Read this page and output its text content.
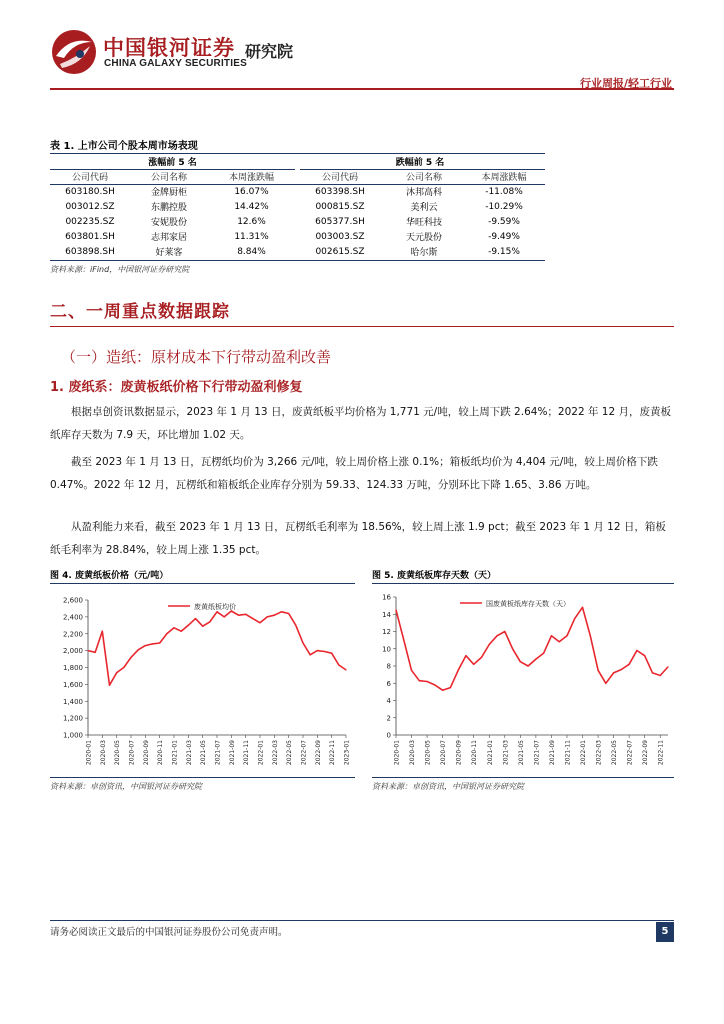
中国银河证券 研究院
CHINA GALAXY SECURITIES
行业周报/轻工行业
表 1. 上市公司个股本周市场表现
涨幅前 5 名			跌幅前 5 名		
公司代码	公司名称	本周涨跌幅	公司代码	公司名称	本周涨跌幅
603180.SH	金牌厨柜	16.07%	603398.SH	沐邦高科	-11.08%
003012.SZ	东鹏控股	14.42%	000815.SZ	美利云	-10.29%
002235.SZ	安妮股份	12.6%	605377.SH	华旺科技	-9.59%
603801.SH	志邦家居	11.31%	003003.SZ	天元股份	-9.49%
603898.SH	好莱客	8.84%	002615.SZ	哈尔斯	-9.15%
资料来源：iFind，中国银河证券研究院
二、一周重点数据跟踪
（一）造纸：原材成本下行带动盈利改善
1. 废纸系：废黄板纸价格下行带动盈利修复

根据卓创资讯数据显示，2023 年 1 月 13 日，废黄纸板平均价格为 1,771 元/吨，较上周下跌 2.64%；2022 年 12 月，废黄板纸库存天数为 7.9 天，环比增加 1.02 天。

截至 2023 年 1 月 13 日，瓦楞纸均价为 3,266 元/吨，较上周价格上涨 0.1%；箱板纸均价为 4,404 元/吨，较上周价格下跌 0.47%。2022 年 12 月，瓦楞纸和箱板纸企业库存分别为 59.33、124.33 万吨，分别环比下降 1.65、3.86 万吨。

从盈利能力来看，截至 2023 年 1 月 13 日，瓦楞纸毛利率为 18.56%，较上周上涨 1.9 pct；截至 2023 年 1 月 12 日，箱板纸毛利率为 28.84%，较上周上涨 1.35 pct。

图 4. 废黄纸板价格（元/吨）	图 5. 废黄纸板库存天数（天）
1,000
1,200
1,400
1,600
1,800
2,000
2,200
2,400
2,600
2020-01 2020-03 2020-05 2020-07 2020-09 2020-11 2021-01 2021-03 2021-05 2021-07 2021-09 2021-11 2022-01 2022-03 2022-05 2022-07 2022-09 2022-11 2023-01
废黄纸板均价
0
2
4
6
8
10
12
14
16
2020-01 2020-03 2020-05 2020-07 2020-09 2020-11 2021-01 2021-03 2021-05 2021-07 2021-09 2021-11 2022-01 2022-03 2022-05 2022-07 2022-09 2022-11
国废黄板纸库存天数（天）
资料来源：卓创资讯，中国银河证券研究院	资料来源：卓创资讯，中国银河证券研究院
请务必阅读正文最后的中国银河证券股份公司免责声明。	5
